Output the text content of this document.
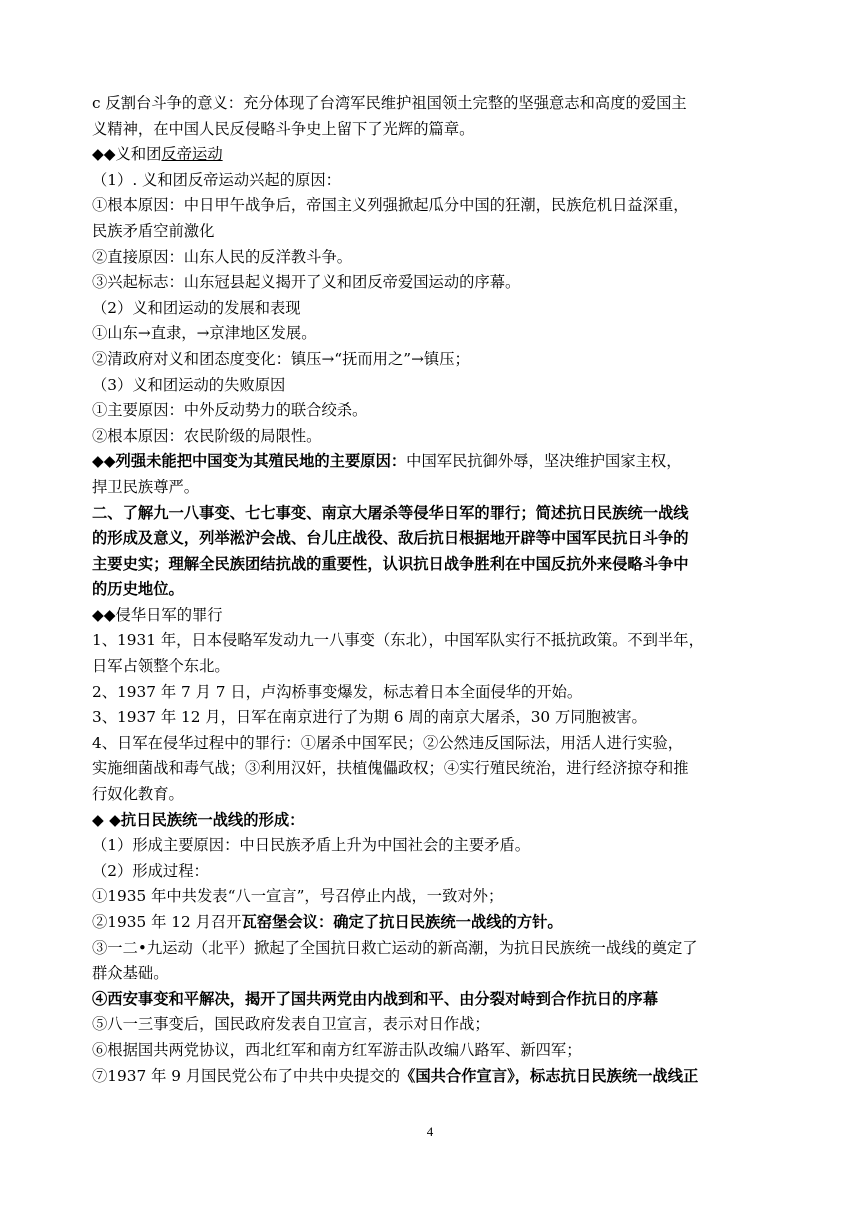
c 反割台斗争的意义：充分体现了台湾军民维护祖国领土完整的坚强意志和高度的爱国主
义精神，在中国人民反侵略斗争史上留下了光辉的篇章。
◆◆义和团反帝运动
（1）. 义和团反帝运动兴起的原因：
①根本原因：中日甲午战争后，帝国主义列强掀起瓜分中国的狂潮，民族危机日益深重，
民族矛盾空前激化
②直接原因：山东人民的反洋教斗争。
③兴起标志：山东冠县起义揭开了义和团反帝爱国运动的序幕。
（2）义和团运动的发展和表现
①山东→直隶，→京津地区发展。
②清政府对义和团态度变化：镇压→“抚而用之”→镇压；
（3）义和团运动的失败原因
①主要原因：中外反动势力的联合绞杀。
②根本原因：农民阶级的局限性。
◆◆列强未能把中国变为其殖民地的主要原因：中国军民抗御外辱，坚决维护国家主权，
捍卫民族尊严。
二、了解九一八事变、七七事变、南京大屠杀等侵华日军的罪行；简述抗日民族统一战线
的形成及意义，列举淞沪会战、台儿庄战役、敌后抗日根据地开辟等中国军民抗日斗争的
主要史实；理解全民族团结抗战的重要性，认识抗日战争胜利在中国反抗外来侵略斗争中
的历史地位。
◆◆侵华日军的罪行
1、1931 年，日本侵略军发动九一八事变（东北），中国军队实行不抵抗政策。不到半年，
日军占领整个东北。
2、1937 年 7 月 7 日，卢沟桥事变爆发，标志着日本全面侵华的开始。
3、1937 年 12 月，日军在南京进行了为期 6 周的南京大屠杀，30 万同胞被害。
4、日军在侵华过程中的罪行：①屠杀中国军民；②公然违反国际法，用活人进行实验，
实施细菌战和毒气战；③利用汉奸，扶植傀儡政权；④实行殖民统治，进行经济掠夺和推
行奴化教育。
◆ ◆抗日民族统一战线的形成：
（1）形成主要原因：中日民族矛盾上升为中国社会的主要矛盾。
（2）形成过程：
①1935 年中共发表“八一宣言”，号召停止内战，一致对外；
②1935 年 12 月召开瓦窑堡会议：确定了抗日民族统一战线的方针。
③一二•九运动（北平）掀起了全国抗日救亡运动的新高潮，为抗日民族统一战线的奠定了
群众基础。
④西安事变和平解决，揭开了国共两党由内战到和平、由分裂对峙到合作抗日的序幕
⑤八一三事变后，国民政府发表自卫宣言，表示对日作战；
⑥根据国共两党协议，西北红军和南方红军游击队改编八路军、新四军；
⑦1937 年 9 月国民党公布了中共中央提交的《国共合作宣言》，标志抗日民族统一战线正
4
